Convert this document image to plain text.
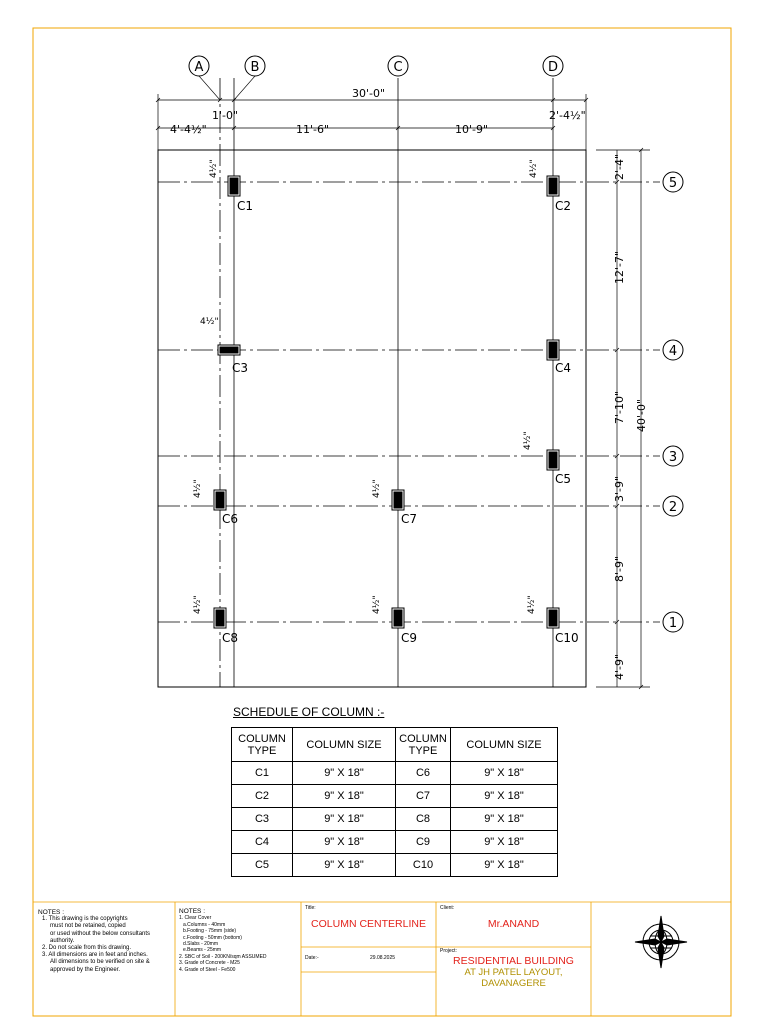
A	B	C	D
5
4
3
2
1
30'-0"
1'-0"	2'-4½"
4'-4½"	11'-6"	10'-9"
2'-4"
12'-7"
7'-10"
3'-9"
8'-9"
4'-9"
40'-0"
4½"	4½"
4½"
4½"
4½"	4½"
4½"	4½"	4½"
C1	C2
C3	C4
C5
C6	C7
C8	C9	C10
SCHEDULE OF COLUMN :-
COLUMN TYPE	COLUMN SIZE	COLUMN TYPE	COLUMN SIZE
C1	9" X 18"	C6	9" X 18"
C2	9" X 18"	C7	9" X 18"
C3	9" X 18"	C8	9" X 18"
C4	9" X 18"	C9	9" X 18"
C5	9" X 18"	C10	9" X 18"
NOTES :
1. This drawing is the copyrights
must not be retained, copied
or used without the below consultants
authority.
2. Do not scale from this drawing.
3. All dimensions are in feet and inches.
All dimensions to be verified on site &
approved by the Engineer.
NOTES :
1. Clear Cover
a.Columns - 40mm
b.Footing - 75mm (side)
c.Footing - 50mm (bottom)
d.Slabs - 20mm
e.Beams - 25mm
2. SBC of Soil - 200KN/sqm ASSUMED
3. Grade of Concrete - M25
4. Grade of Steel - Fe500
Title:
COLUMN CENTERLINE
Date:-	29.08.2025
Client:
Mr.ANAND
Project:
RESIDENTIAL BUILDING
AT JH PATEL LAYOUT,
DAVANAGERE
